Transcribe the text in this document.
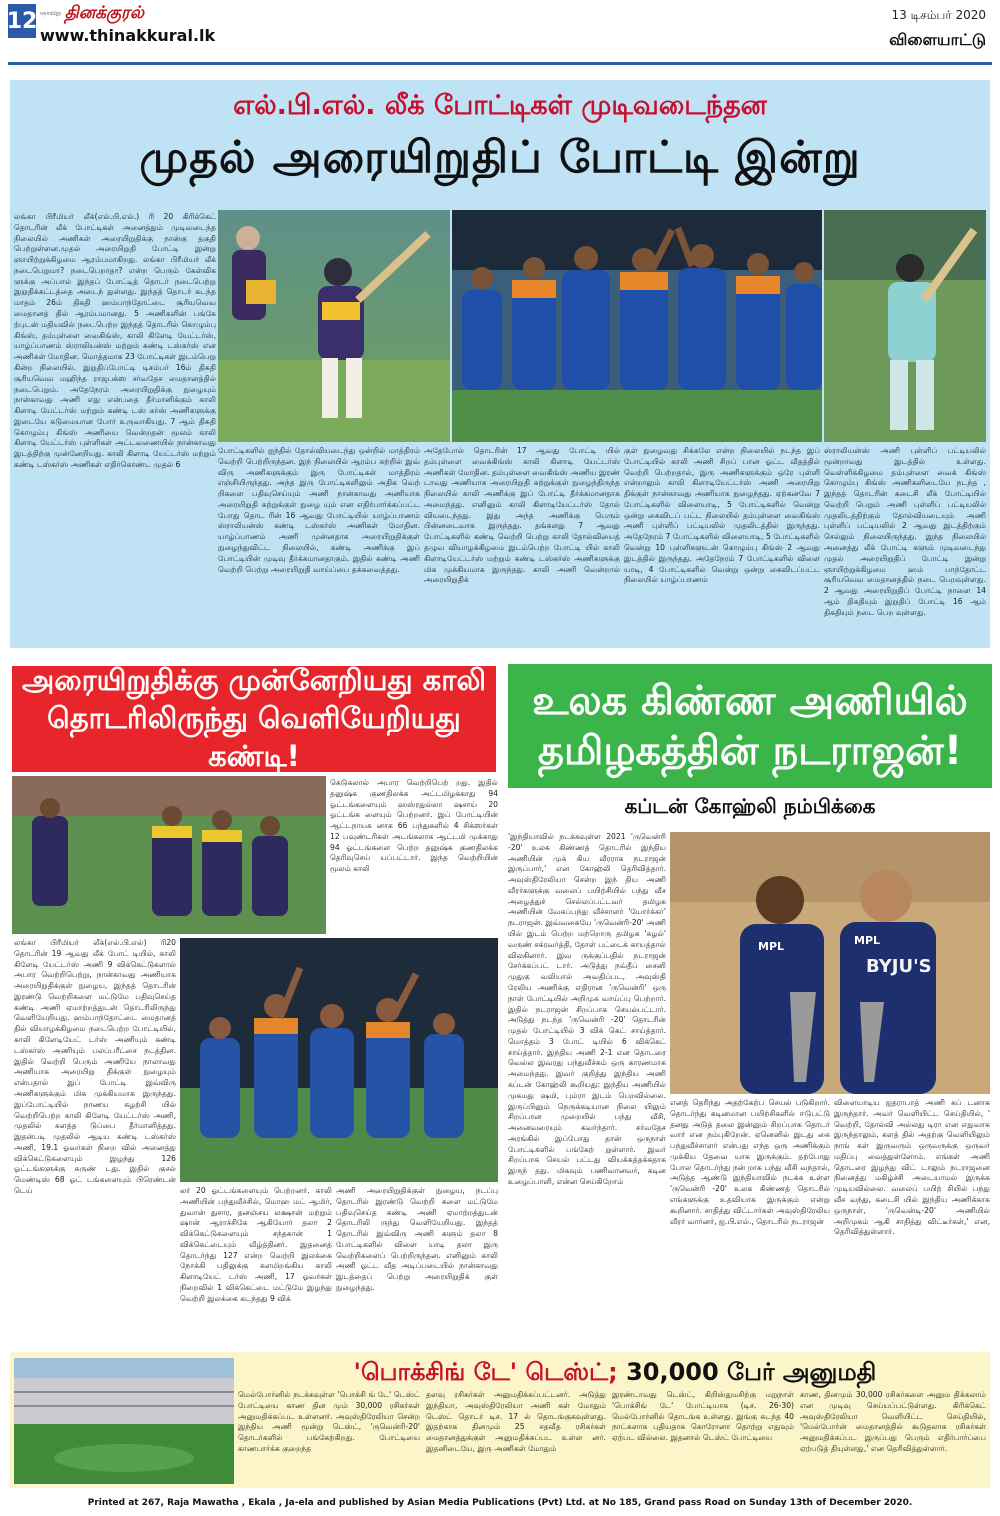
12 ஞாயிறு தினக்குரல்
www.thinakkural.lk
13 டிசம்பர் 2020
விளையாட்டு
எல்.பி.எல். லீக் போட்டிகள் முடிவடைந்தன
முதல் அரையிறுதிப் போட்டி இன்று
லங்கா பிரீமியர் லீக்(எல்.பி.எல்.) ரி 20 கிரிக்கெட் தொடரின் லீக் போட்டிகள் அனைத்தும் முடிவடைந்த நிலையில் அணிகள் அரையிறுதிக்கு நான்கு தகுதி பெற்றுள்ளன.முதல் அரையிறுதி போட்டி இன்று ஞாயிற்றுக்கிழமை ஆரம்பமாகிறது. லங்கா பிரீமியர் லீக் நடைபெறுமா? நடைபெறாதா? என்ற பெரும் கேள்விக ளுக்கு அப்பால் இந்தப் போட்டித் தொடர் நடைபெற்று இறுதிக்கட்டத்தை அடைந் துள்ளது. இந்தத் தொடர் கடந்த மாதம் 26ம் திகதி ஹம்பாந்தோட்டை சூரியவெவ மைதானத் தில் ஆரம்பமானது. 5 அணிகளின் பங்கே ற்புடன் மதியவில் நடைபெற்ற இந்தத் தொடரில் கொழும்பு கிங்ஸ், தம்புள்ளை வைகிங்ஸ், காலி கிளேடி யேட்டர்ஸ், யாழ்ப்பாணம் ஸ்ராலியன்ஸ் மற்றும் கண்டி டஸ்கர்ஸ் என அணிகள் மோதின. மொத்தமாக 23 போட்டிகள் இடம்பெறு கின்ற நிலையில். இறுதிப்போட்டி டிசம்பர் 16ம் திகதி சூரியவெவ மஹிந்த ராஜபக்ஸ சர்வதேச மைதானத்தில் நடைபெறும். அதேநேரம் அரையிறுதிக்கு நுழையும் நான்காவது அணி எது என்பதை தீர்மானிக்கும் காலி கிளாடி யேட்டர்ஸ் மற்றும் கண்டி டஸ் கர்ஸ் அணிகளுக்கு இடையே கடுமையான போர் உருவாகியது. 7 ஆம் திகதி கொழும்பு கிங்ஸ் அணியை வென்றதன் மூலம் காலி கிளாடி யேட்டர்ஸ் புள்ளிகள் அட்டவணையில் நான்காவது இடத்திற்கு முன்னேறியது. காலி கிளாடி யேட்டர்ஸ் மற்றும் கண்டி டஸ்கர்ஸ் அணிகள் எதிர்கொண்ட முதல் 6
போட்டிகளில் ஐந்தில் தோல்வியடைந்து ஒன்றில் மாத்திரம் வெற்றி பெற்றிருந்தன. இந் நிலையில் ஆரம்ப சுற்றில் இவ் விரு அணிகளுக்கும் இரு போட்டிகள் மாத்திரம் எஞ்சியிருந்தது. அந்த இரு போட்டிகளிலும் அதிக வெற் றிகளை பதிவுசெய்யும் அணி நான்காவது அணியாக அரையிறுதி சுற்றுக்குள் நுழை யும் என எதிர்பார்க்கப்பட்ட போது தொட ரின் 16 ஆவது போட்டியில் யாழ்ப்பாணம் ஸ்ராலியன்ஸ் கண்டி டஸ்கர்ஸ் அணிகள் மோதின. யாழ்ப்பாணம் அணி முன்னதாக அரையிறுதிக்குள் நுழைந்துவிட்ட நிலையில், கண்டி அணிக்கு இப் போட்டியின் முடிவு தீர்க்கமானதாகும். இதில் கண்டி அணி வெற்றி பெற்று அரையிறுதி வாய்ப்பை தக்கவைத்தது.
அதேபோல் தொடரின் 17 ஆவது போட்டி யில் தம்புள்ளை வைக்கிங்ஸ் காலி கிளாடி யேட்டர்ஸ் அணிகள் மோதின. தம்புள்ளை வைகிங்ஸ் அணிய இரண் டாவது அணியாக அரையிறுதி சுற்றுக்குள் நுழைந்திருந்த நிலையில் காலி அணிக்கு இப் போட்டி தீர்க்கமானதாக அமைந்தது. எனினும் காலி கிளாடியேட்டர்ஸ் தோல் வியடைந்தது. இது அந்த அணிக்கு பெரும் பின்னடைவாக இருந்தது. தங்களது 7 ஆவது போட்டிகளில் கண்டி வெற்றி பெற்று காலி தோல்வியைத் தழுவ வியாழக்கிழமை இடம்பெற்ற போட்டி யில் காலி கிளாடியேட்டர்ஸ் மற்றும் கண்டி டஸ்கர்ஸ் அணிகளுக்கு மிக முக்கியமாக இருந்தது. காலி அணி வென்றால் அரையிறுதிக்
குள் நுழைவது சிக்கலே என்ற நிலையில் நடந்த இப் போட்டியில் காலி அணி சிறப் பான ஓட்ட வீதத்தில் வெற்றி பெற்றதால், இரு அணிகளுக்கும் ஒரே புள்ளி என்றாலும் காலி கிளாடியேட்டர்ஸ் அணி அரையிறு திக்குள் நான்காவது அணியாக நுழைந்தது. ஏற்கனவே 7 போட்டிகளில் விளையாடி, 5 போட்டிகளில் வென்று ஒன்று கைவிடப் பட்ட நிலையில் தம்புள்ளை வைகிங்ஸ் அணி புள்ளிப் பட்டியலில் முதலிடத்தில் இருந்தது. அதேநேரம் 7 போட்டிகளில் விளையாடி, 5 போட்டிகளில் வென்று 10 புள்ளிகளுடன் கொழும்பு கிங்ஸ் 2 ஆவது இடத்தில் இருந்தது. அதேநேரம் 7 போட்டிகளில் விளை யாடி, 4 போட்டிகளில் வென்று ஒன்று கைவிடப்பட்ட நிலையில் யாழ்ப்பாணம்
ஸ்ராலியன்ஸ் அணி புள்ளிப் பட்டியலில் மூன்றாவது இடத்தில் உள்ளது. வெள்ளிக்கிழமை தம்புள்ளை வைக் கிங்ஸ் கொழும்பு கிங்ஸ் அணிகளிடையே நடந்த , இந்தத் தொடரின் கடைசி லீக் போட்டியில் வெற்றி பெறும் அணி புள்ளிப் பட்டியலில் முதலிடத்திற்கும் தோல்வியடையும் அணி புள்ளிப் பட்டியலில் 2 ஆவது இடத்திற்கும் செல்லும் நிலையிருந்தது. இந்த நிலையில் அனைத்து லீக் போட்டி களும் முடிவடைந்து முதல் அரையிறுதிப் போட்டி இன்று ஞாயிற்றுக்கிழமை ஹம் பாந்தோட்ட சூரியவெவ மைதானத்தில் நடை பெறவுள்ளது. 2 ஆவது அரையிறுதிப் போட்டி நாளை 14 ஆம் திகதியும் இறுதிப் போட்டி 16 ஆம் திகதியும் நடை பெற வுள்ளது.
அரையிறுதிக்கு முன்னேறியது காலி
தொடரிலிருந்து வெளியேறியது கண்டி!
கெடுகலால் அபார வெற்றிபெற் றது. இதில் தனுஷ்க குணதிலக்க அட்டமிழக்காது 94 ஓட்டங்களையும் ஹஸ்ரதுல்லா ஷசாய் 20 ஓட்டங்க ளையும் பெற்றனர். இப் போட்டியின் ஆட்டநாயக னாக 66 பந்துகளில் 4 சிக்ஸர்கள் 12 பவுண்டரிகள் அடங்கலாக ஆட்டமி முக்காது 94 ஓட்டங்களை பெற்ற தனுஷ்க குணதிலக்க தெரிவுசெய் யப்பட்டார். இந்த வெற்றியின் மூலம் காலி
லங்கா பிரீமியர் லீக்(எல்.பி.எல்) ரி20 தொடரின் 19 ஆவது லீக் போட் டியில், காலி கிளேடி யேட்டர்ஸ் அணி 9 விக்கெட்டுகளால் அபார வெற்றிபெற்று, நான்காவது அணியாக அரையிறுதிக்குள் நுழைய, இந்தத் தொடரின் இரண்டு வெற்றிகளை மட்டுமே பதிவுசெய்த கண்டி அணி ஏமாற்றத்துடன் தொடரிலிருந்து வெளியேறியது. ஹம்பாந்தோட்டை மைதானத் தில் வியாழக்கிழமை நடைபெற்ற போட்டியில், காலி கிளேடியேட் டர்ஸ் அணியும் கண்டி டஸ்கர்ஸ் அணியும் பலப்பரீட்சை நடத்தின. இதில் வெற்றி பெரும் அணியே நாலாவது அணியாக அரையிறு திக்குள் நுழையும் என்பதால் இப் போட்டி இவ்விரு அணிகளுக்கும் மிக முக்கியமாக இருந்தது. இப்போட்டியில் நாணய சுழற்சி யில் வெற்றிபெற்ற காலி கிளேடி யேட்டர்ஸ் அணி, முதலில் களத்த டுப்பை தீர்மானித்தது. இதன்படி முதலில் ஆடிய கண்டி டஸ்கர்ஸ் அணி, 19.1 ஓவர்கள் நிறை வில் அனைத்து விக்கெட்டுகளையும் இழந்து 126 ஓட்டங்களுக்கு சுருண் டது. இதில் குசல் மெண்டிஸ் 68 ஓட் டங்களையும் பிரெண்டன் டெய்	லர் 20 ஓட்டங்களையும் பெற்றனர். காலி அணியின் பந்துவீச்சில், மொஹ மட் ஆமிர், துவான் துசார, தனஞ்சய லக்ஷான் மற்றும் ஷான் ஆராச்சிகே ஆகியோர் தலா 2 விக்கெட்டுகளையும் சந்தகான் 1 விக்கெட்டையும் வீழ்த்தினர். இதனைத் தொடர்ந்து 127 என்ற வெற்றி இலக்கை நோக்கி பதிலுக்கு களமிறங்கிய காலி கிளாடியேட் டர்ஸ் அணி, 17 ஓவர்கள் நிறைவில் 1 விக்கெட்டை மட்டுமே இழந்து வெற்றி இலக்கை கடந்தது 9 விக்
அணி அரையிறுதிக்குள் நுழைய, நடப்பு தொடரில் இரண்டு வெற்றி களை மட்டுமே பதிவுசெய்த கண்டி அணி ஏமாற்றத்துடன் தொடரிலி ருந்து வெளியேறியது. இந்தத் தொடரில் இவ்விரு அணி களும் தலா 8 போட்டிகளில் விளை யாடி தலா இரு வெற்றிகளைப் பெற்றிருந்தன. எனினும் காலி அணி ஓட்ட வீத அடிப்படையில் நான்காவது இடத்தைப் பெற்று அரையிறுதிக் குள் நுழைந்தது.
உலக கிண்ண அணியில்
தமிழகத்தின் நடராஜன்!
கப்டன் கோஹ்லி நம்பிக்கை
'இந்தியாவில் நடக்கவுள்ள 2021 'ருவென்ரி -20' உலக கிண்ணத் தொடரில் இந்திய அணியின் முக் கிய வீரராக நடராஜன் இருப்பார்,' என கோஹ்லி தெரிவித்தார். அவுஸ்திரேலியா சென்ற இந் திய அணி வீரர்களுக்கு வலைப் பயிற்சியில் பந்து வீச அழைத்துச் செல்லப்பட்டவர் தமிழக அணியின் வேகப்பந்து வீச்சாளர் 'யோர்க்கர்' நடராஜன். இவ்வகையே 'ருவென்ரி-20' அணி யில் இடம் பெற்ற மற்றொரு தமிழக 'சுழல்' வருண் சக்ரவர்த்தி, தோள் பட்டைக் காயத்தால் விலகினார். இவ ருக்குப்பதில் நடராஜன் சேர்க்கப்பட் டார். அடுத்து நவ்தீப் சைனி முதுகு வலியால் அவதிப்பட, அவுஸ்தி ரேலிய அணிக்கு எதிரான 'ருவென்ரி' ஒரு நாள் போட்டியில் அறிமுக வாய்ப்பு பெற்றார். இதில் நடராஜன் சிறப்பாக செயல்பட்டார். அடுத்து நடந்த 'ருவென்ரி -20' தொடரின் முதல் போட்டியில் 3 விக் கெட் சாய்த்தார். மொத்தம் 3 போட் டியில் 6 விக்கெட் சாய்த்தார். இந்திய அணி 2-1 என தொடரை வெல்ல இவரது பந்துவீச்சும் ஒரு காரணமாக அமைந்தது. இவர் குறித்து இந்திய அணி கப்டன் கோஹ்லி கூறியது: இந்திய அணியில் முகமது ஷமி, பும்ரா இடம் பெறவில்லை. இருப்பினும் நெருக்கடியான நிலை யிலும் சிறப்பான முறையில் பந்து வீசி, அனைவரையும் கவர்ந்தார். சர்வதேச அரங்கில் இப்போது தான் ஒருநாள் போட்டிகளில் பங்கேற் றுள்ளார். இவர் சிறப்பாக செயல் பட்டது வியக்கத்தக்கதாக இருந் தது. மிகவும் பணிவானவர், கடின உழைப்பாளி, என்ன செய்கிறோம்
BYJU'S
MPL	MPL
எனத் தெரிந்து அதற்கேற்ப செயல் படுகிறார். தொடர்ந்து கடினமான பயிற்சிகளில் ஈடுபட்டு தனது அடுத் தலை இன்னும் சிறப்பாக தொடர் வார் என நம்புகிறேன். ஏனெனில் இடது கை பந்துவீச்சாளர் என்பது எந்த ஒரு அணிக்கும் முக்கிய தேவை யாக இருக்கும். தற்போது போல தொடர்ந்து நன் றாக பந்து வீசி வந்தால், அடுத்த ஆண்டு இந்தியாவில் நடக்க உள்ள 'ருவென்ரி -20' உலக கிண்ணத் தொடரில் எங்களுக்கு உதவியாக இருக்கும் என்று கூறினார். சாதித்து விட்டார்கள் அவுஸ்திரேலிய வீரர் வார்னர், ஐ.பி.எல்., தொடரில் நடராஜன்
விளையாடிய ஐதராபாத் அணி கப் டனாக இருந்தார். அவர் வெளியிட்ட செய்தியில், ' வெற்றி, தோல்வி அல்லது டிரா என எதுவாக இருந்தாலும், களத் தில் அதற்கு வெளியிலும் நாங் கள் இருவரும் ஒருவருக்கு ஒருவர் மதிப்பு வைத்துள்ளோம். எங்கள் அணி தொடரை இழந்து விட் டாலும் நடராஜனை நினைத்து மகிழ்ச்சி அடையாமல் இருக்க முடியவில்லை. வலைப் பயிற் சியில் பந்து வீச வந்து, கடைசி யில் இந்திய அணிக்காக ஒருநாள், 'ருவென்டி-20' அணியில் அறிமுகம் ஆகி சாதித்து விட்டீர்கள்,' என, தெரிவித்துள்ளார்.
'பொக்சிங் டே' டெஸ்ட்; 30,000 பேர் அனுமதி
மெல்போர்னில் நடக்கவுள்ள 'பொக்சி ங் டே' டெஸ்ட் போட்டியை காண தின மும் 30,000 ரசிகர்கள் அனுமதிக்கப்பட உள்ளனர். அவுஸ்திரேலியா சென்ற இந்திய அணி மூன்று டெஸ்ட், 'ருவென்ரி-20' தொடர்களில் பங்கேற்கிறது. போட்டியை காணபார்க்க குறைந்த
தளவு ரசிகர்கள் அனுமதிக்கப்பட்டனர். அடுத்து இந்தியா, அவுஸ்திரேலியா அணி கள் மோதும் டெஸ்ட் தொடர் டிச. 17 ல் தொடங்குகவுள்ளது. இதற்காக தினமும் 25 சதவீத ரசிகர்கள் மைதானத்துக்குள் அனுமதிக்கப்பட உள்ள னர். இதனிடையே, இரு அணிகள் மோதும்
இரண்டாவது டெஸ்ட், கிறிஸ்துமசிற்கு மறுநாள் 'பொக்சிங் டே' போட்டியாக (டிச. 26-30) மெல்போர்னில் தொடங்க உள்ளது. இங்கு கடந்த 40 நாட்களாக புதியதாக கொரோனா தொற்று எதுவும் ஏற்பட வில்லை. இதனால் டெஸ்ட் போட்டியை
காண, தினமும் 30,000 ரசிகர்களை அனும திக்கலாம் என முடிவு செய்யப்பட்டுள்ளது. கிரிக்கெட் அவுஸ்திரேலியா வெளியிட்ட செய்தியில், 'மெல்போர்ன் மைதானத்தில் கூடுதலாக ரசிகர்கள் அனுமதிக்கப்பட இருப்பது பெரும் எதிர்பார்ப்பை ஏற்படுத் தியுள்ளது,' என தெரிவித்துள்ளார்.
Printed at 267, Raja Mawatha , Ekala , Ja-ela and published by Asian Media Publications (Pvt) Ltd. at No 185, Grand pass Road on Sunday 13th of December 2020.
